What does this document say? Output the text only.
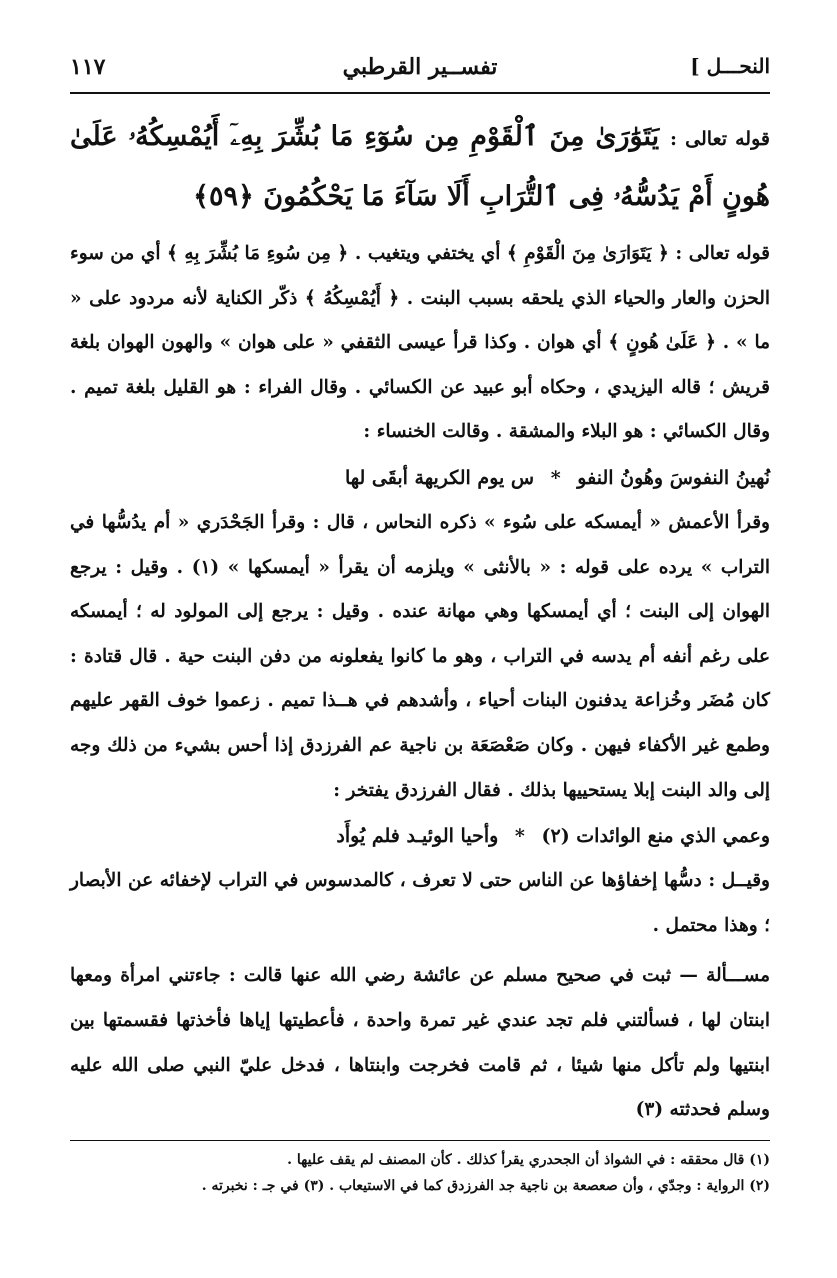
النحـــل ]
تفســير القرطبي
١١٧
قوله تعالى : يَتَوَٰرَىٰ مِنَ ٱلْقَوْمِ مِن سُوٓءِ مَا بُشِّرَ بِهِۦٓ أَيُمْسِكُهُۥ عَلَىٰ هُونٍ أَمْ يَدُسُّهُۥ فِى ٱلتُّرَابِ أَلَا سَآءَ مَا يَحْكُمُونَ ﴿٥٩﴾

قوله تعالى : ﴿ يَتَوَارَىٰ مِنَ الْقَوْمِ ﴾ أي يختفي ويتغيب . ﴿ مِن سُوءِ مَا بُشِّرَ بِهِ ﴾ أي من سوء الحزن والعار والحياء الذي يلحقه بسبب البنت . ﴿ أَيُمْسِكُهُ ﴾ ذكّر الكناية لأنه مردود على « ما » . ﴿ عَلَىٰ هُونٍ ﴾ أي هوان . وكذا قرأ عيسى الثقفي « على هوان » والهون الهوان بلغة قريش ؛ قاله اليزيدي ، وحكاه أبو عبيد عن الكسائي . وقال الفراء : هو القليل بلغة تميم . وقال الكسائي : هو البلاء والمشقة . وقالت الخنساء :

نُهينُ النفوسَ وهُونُ النفو * س يوم الكريهة أبقَى لها

وقرأ الأعمش « أيمسكه على سُوء » ذكره النحاس ، قال : وقرأ الجَحْدَري « أم يدُسُّها في التراب » يرده على قوله : « بالأنثى » ويلزمه أن يقرأ « أيمسكها » (١) . وقيل : يرجع الهوان إلى البنت ؛ أي أيمسكها وهي مهانة عنده . وقيل : يرجع إلى المولود له ؛ أيمسكه على رغم أنفه أم يدسه في التراب ، وهو ما كانوا يفعلونه من دفن البنت حية . قال قتادة : كان مُضَر وخُزاعة يدفنون البنات أحياء ، وأشدهم في هــذا تميم . زعموا خوف القهر عليهم وطمع غير الأكفاء فيهن . وكان صَعْصَعَة بن ناجية عم الفرزدق إذا أحس بشيء من ذلك وجه إلى والد البنت إبلا يستحييها بذلك . فقال الفرزدق يفتخر :

وعمي الذي منع الوائدات (٢) * وأحيا الوئيـد فلم يُوأَد

وقيــل : دسُّها إخفاؤها عن الناس حتى لا تعرف ، كالمدسوس في التراب لإخفائه عن الأبصار ؛ وهذا محتمل .

مســـألة — ثبت في صحيح مسلم عن عائشة رضي الله عنها قالت : جاءتني امرأة ومعها ابنتان لها ، فسألتني فلم تجد عندي غير تمرة واحدة ، فأعطيتها إياها فأخذتها فقسمتها بين ابنتيها ولم تأكل منها شيئا ، ثم قامت فخرجت وابنتاها ، فدخل عليّ النبي صلى الله عليه وسلم فحدثته (٣)

(١) قال محققه : في الشواذ أن الجحدري يقرأ كذلك . كأن المصنف لم يقف عليها .
(٢) الرواية : وجدّي ، وأن صعصعة بن ناجية جد الفرزدق كما في الاستيعاب . (٣) في جـ : نخبرته .
